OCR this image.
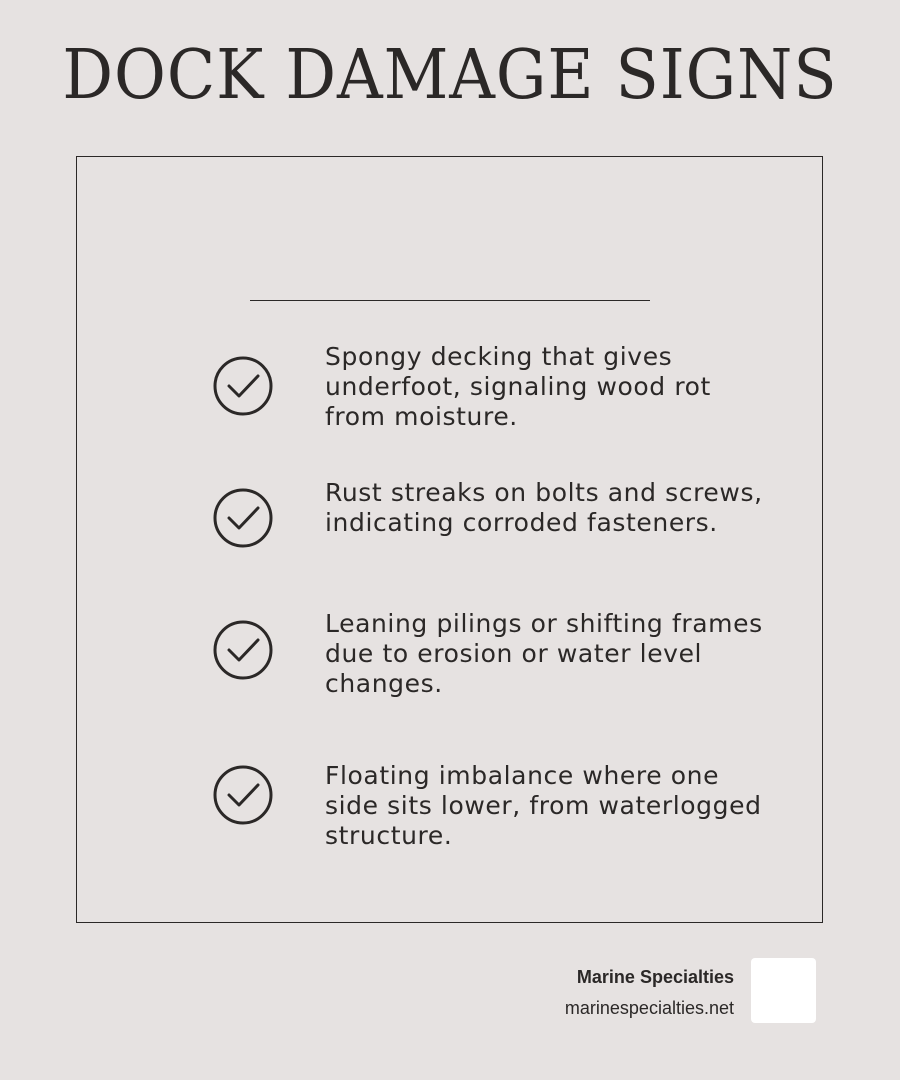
DOCK DAMAGE SIGNS

Spongy decking that gives underfoot, signaling wood rot from moisture.

Rust streaks on bolts and screws, indicating corroded fasteners.

Leaning pilings or shifting frames due to erosion or water level changes.

Floating imbalance where one side sits lower, from waterlogged structure.

Marine Specialties
marinespecialties.net
